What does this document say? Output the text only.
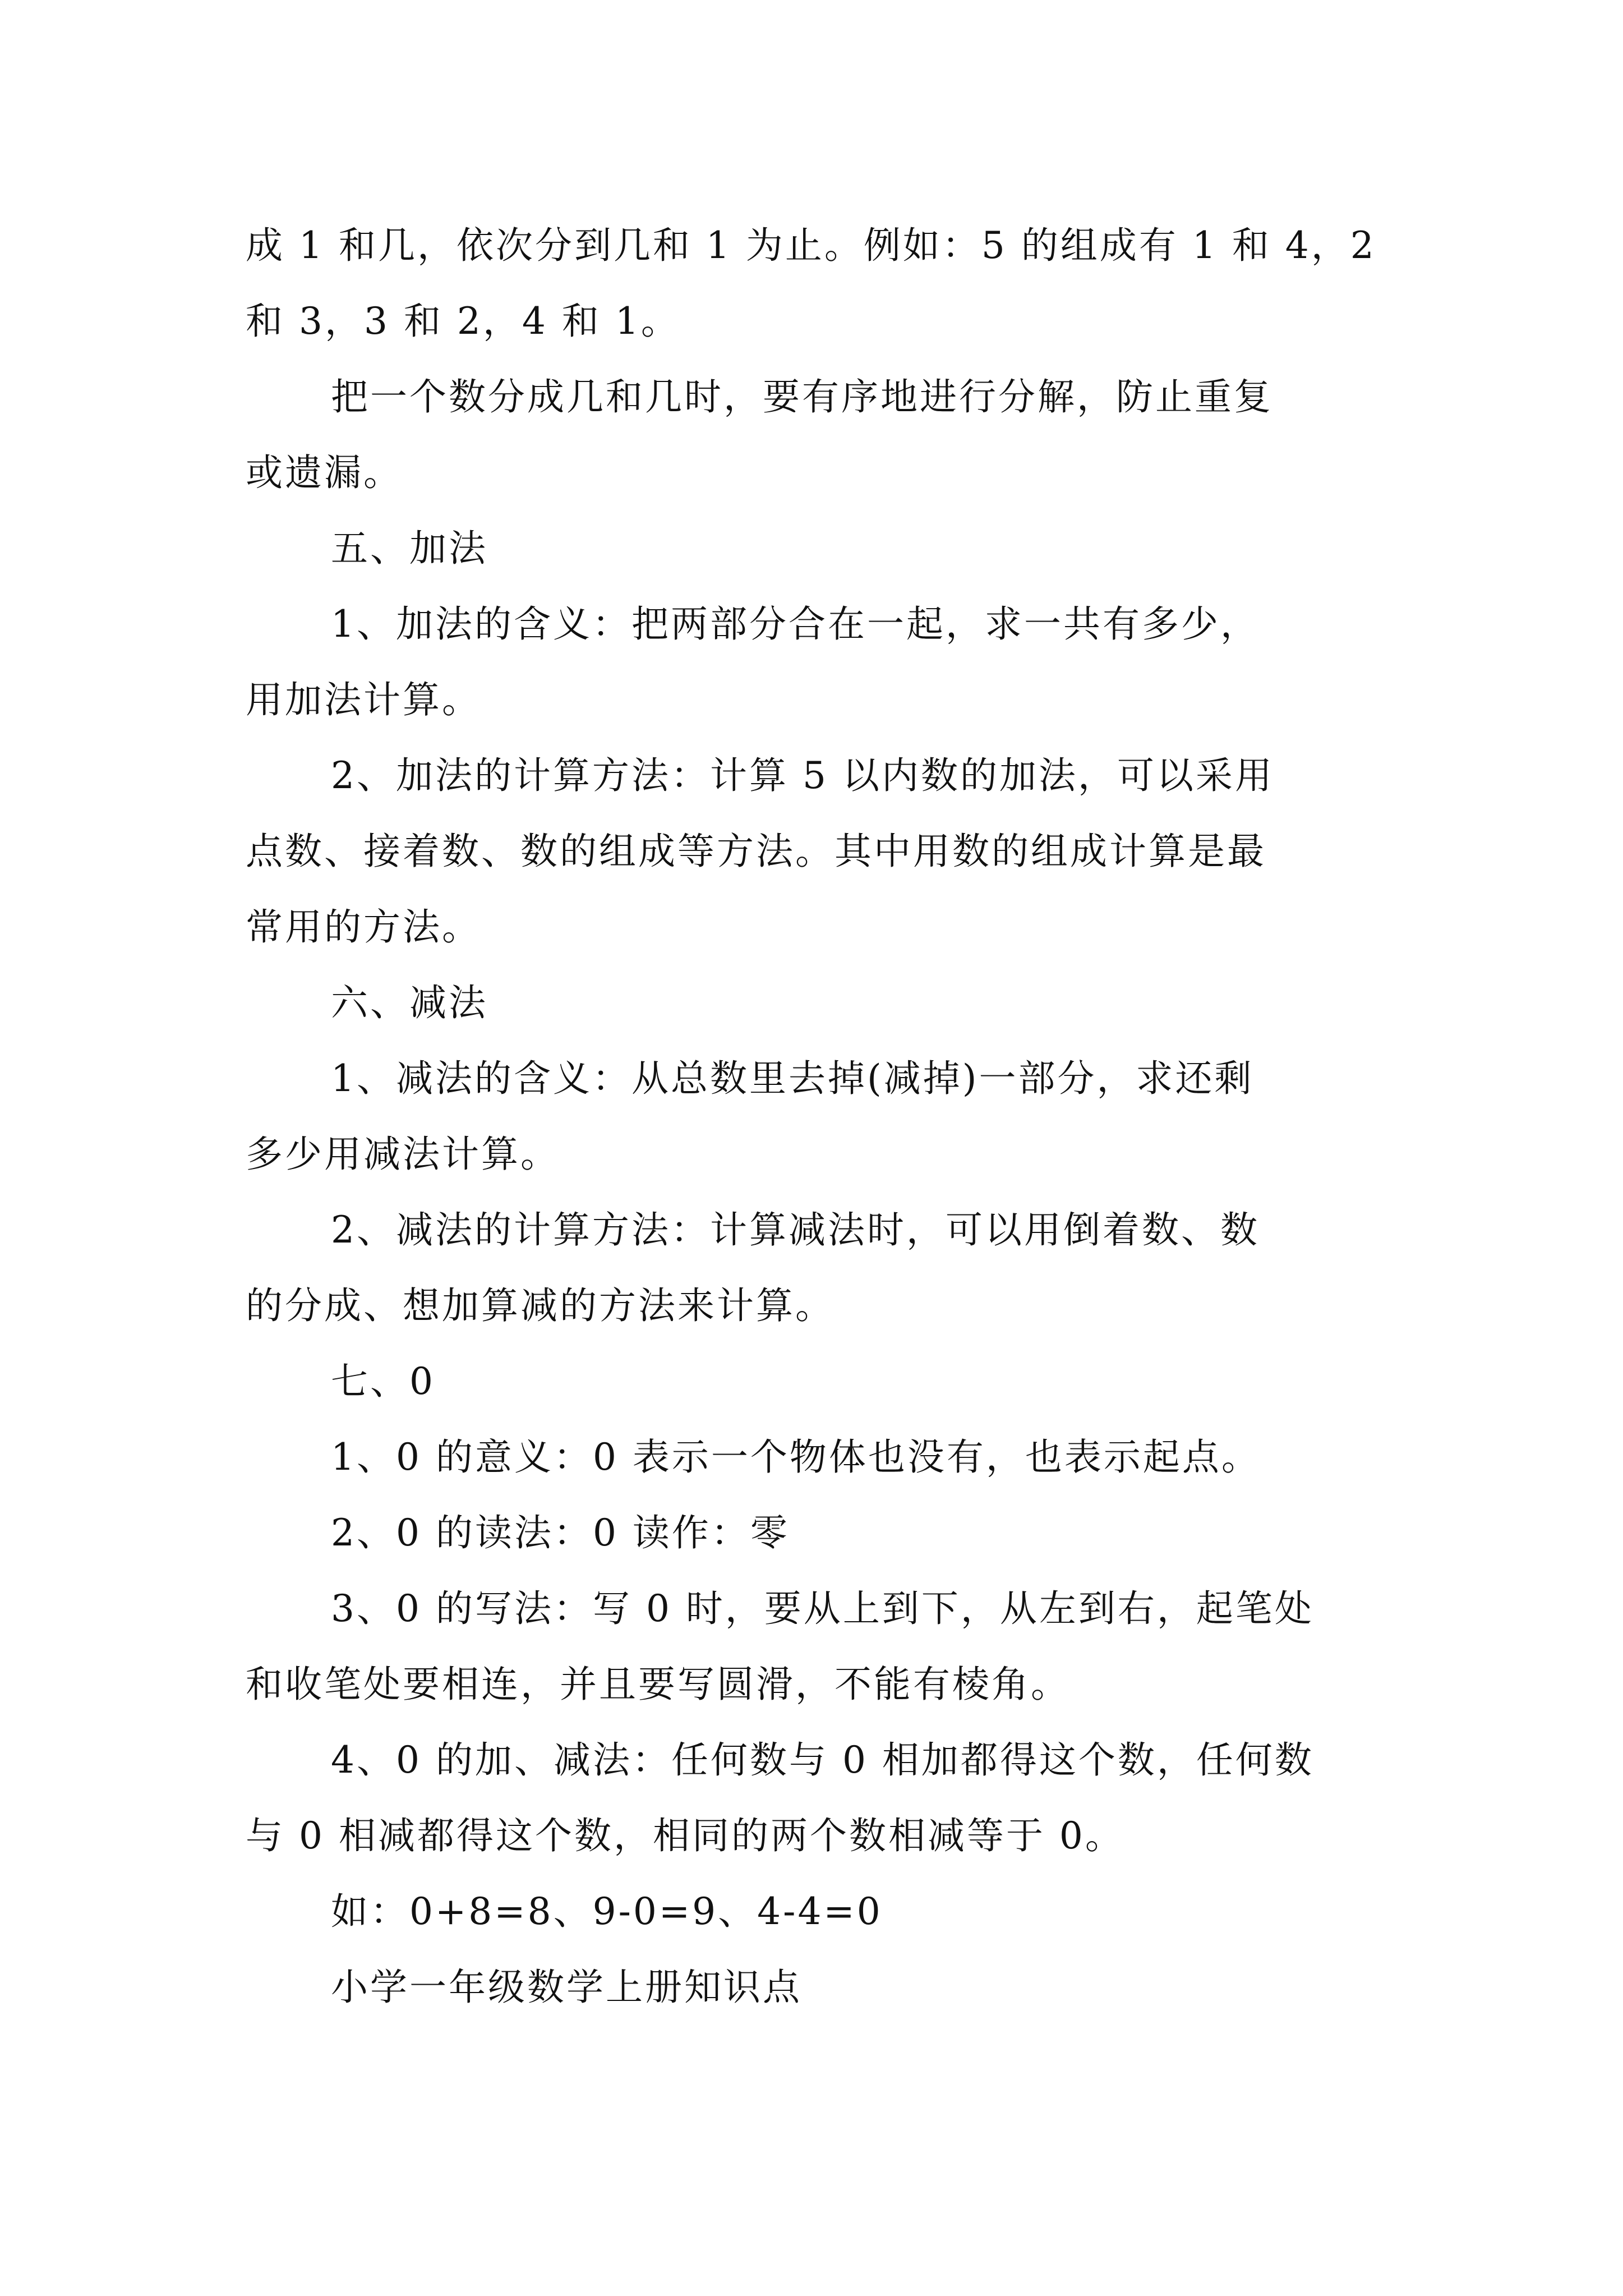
成 1 和几，依次分到几和 1 为止。例如：5 的组成有 1 和 4，2

和 3，3 和 2，4 和 1。

把一个数分成几和几时，要有序地进行分解，防止重复

或遗漏。

五、加法

1、加法的含义：把两部分合在一起，求一共有多少，

用加法计算。

2、加法的计算方法：计算 5 以内数的加法，可以采用

点数、接着数、数的组成等方法。其中用数的组成计算是最

常用的方法。

六、减法

1、减法的含义：从总数里去掉(减掉)一部分，求还剩

多少用减法计算。

2、减法的计算方法：计算减法时，可以用倒着数、数

的分成、想加算减的方法来计算。

七、0

1、0 的意义：0 表示一个物体也没有，也表示起点。

2、0 的读法：0 读作：零

3、0 的写法：写 0 时，要从上到下，从左到右，起笔处

和收笔处要相连，并且要写圆滑，不能有棱角。

4、0 的加、减法：任何数与 0 相加都得这个数，任何数

与 0 相减都得这个数，相同的两个数相减等于 0。

如：0+8=8、9-0=9、4-4=0

小学一年级数学上册知识点
